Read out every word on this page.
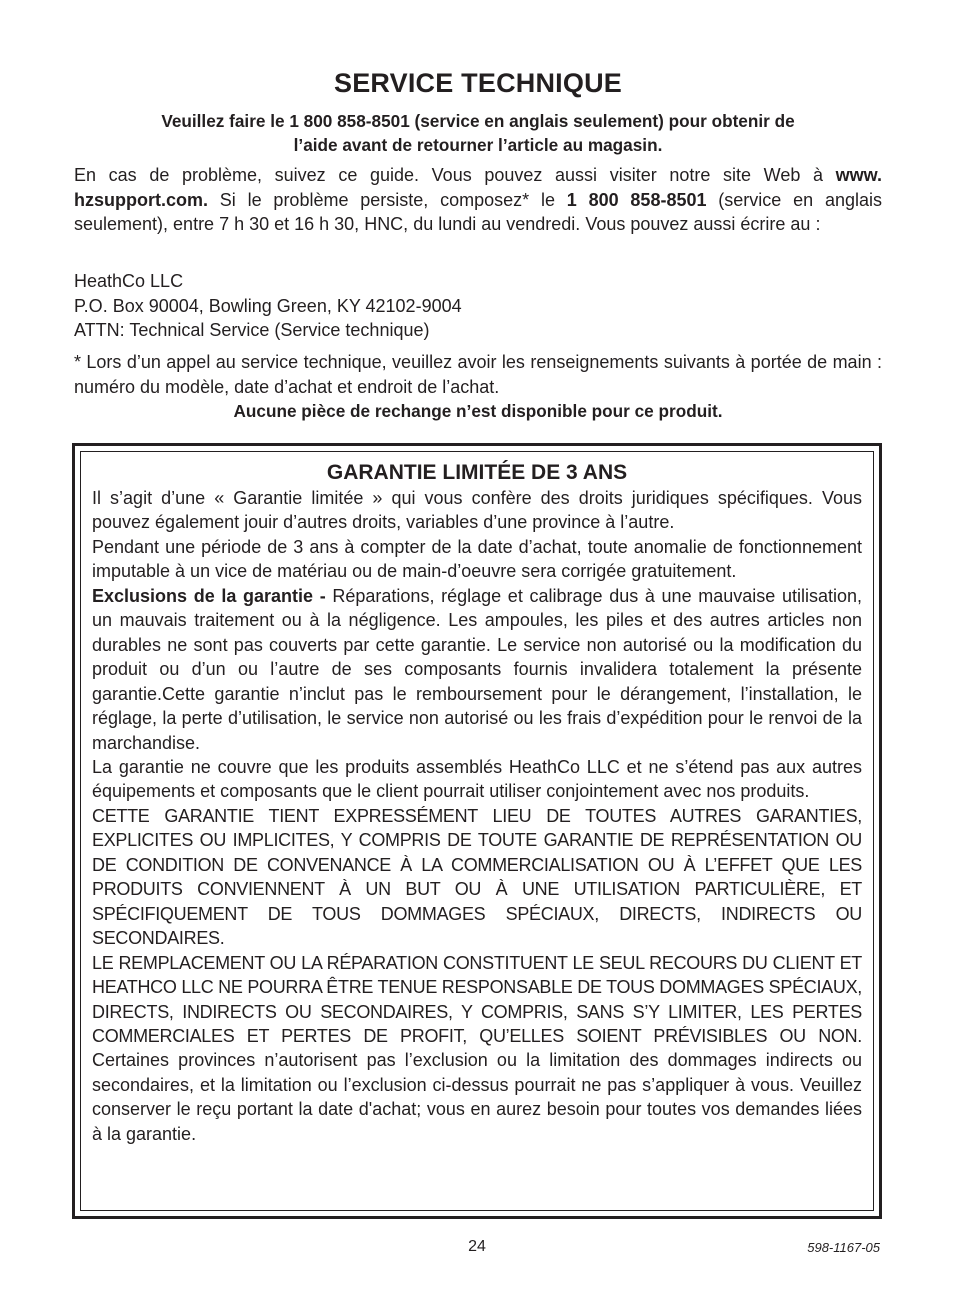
SERVICE TECHNIQUE
Veuillez faire le 1 800 858-8501 (service en anglais seulement) pour obtenir de
l’aide avant de retourner l’article au magasin.

En cas de problème, suivez ce guide. Vous pouvez aussi visiter notre site Web à www. hzsupport.com. Si le problème persiste, composez* le 1 800 858-8501 (service en anglais seulement), entre 7 h 30 et 16 h 30, HNC, du lundi au vendredi. Vous pouvez aussi écrire au :

HeathCo LLC
P.O. Box 90004, Bowling Green, KY 42102-9004
ATTN: Technical Service (Service technique)

* Lors d’un appel au service technique, veuillez avoir les renseignements suivants à portée de main : numéro du modèle, date d’achat et endroit de l’achat.

Aucune pièce de rechange n’est disponible pour ce produit.
GARANTIE LIMITÉE DE 3 ANS

Il s’agit d’une « Garantie limitée » qui vous confère des droits juridiques spécifiques. Vous pouvez également jouir d’autres droits, variables d’une province à l’autre.

Pendant une période de 3 ans à compter de la date d’achat, toute anomalie de fonctionnement imputable à un vice de matériau ou de main-d’oeuvre sera corrigée gratuitement.

Exclusions de la garantie - Réparations, réglage et calibrage dus à une mauvaise utilisation, un mauvais traitement ou à la négligence. Les ampoules, les piles et des autres articles non durables ne sont pas couverts par cette garantie. Le service non autorisé ou la modification du produit ou d’un ou l’autre de ses composants fournis invalidera totalement la présente garantie.Cette garantie n’inclut pas le remboursement pour le dérangement, l’installation, le réglage, la perte d’utilisation, le service non autorisé ou les frais d’expédition pour le renvoi de la marchandise.

La garantie ne couvre que les produits assemblés HeathCo LLC et ne s’étend pas aux autres équipements et composants que le client pourrait utiliser conjointement avec nos produits.

CETTE GARANTIE TIENT EXPRESSÉMENT LIEU DE TOUTES AUTRES GARANTIES, EXPLICITES OU IMPLICITES, Y COMPRIS DE TOUTE GARANTIE DE REPRÉSENTATION OU DE CONDITION DE CONVENANCE À LA COMMERCIALISATION OU À L’EFFET QUE LES PRODUITS CONVIENNENT À UN BUT OU À UNE UTILISATION PARTICULIÈRE, ET SPÉCIFIQUEMENT DE TOUS DOMMAGES SPÉCIAUX, DIRECTS, INDIRECTS OU SECONDAIRES.

LE REMPLACEMENT OU LA RÉPARATION CONSTITUENT LE SEUL RECOURS DU CLIENT ET HEATHCO LLC NE POURRA ÊTRE TENUE RESPONSABLE DE TOUS DOMMAGES SPÉCIAUX, DIRECTS, INDIRECTS OU SECONDAIRES, Y COMPRIS, SANS S’Y LIMITER, LES PERTES COMMERCIALES ET PERTES DE PROFIT, QU’ELLES SOIENT PRÉVISIBLES OU NON. Certaines provinces n’autorisent pas l’exclusion ou la limitation des dommages indirects ou secondaires, et la limitation ou l’exclusion ci-dessus pourrait ne pas s’appliquer à vous. Veuillez conserver le reçu portant la date d'achat; vous en aurez besoin pour toutes vos demandes liées à la garantie.

24	598-1167-05
